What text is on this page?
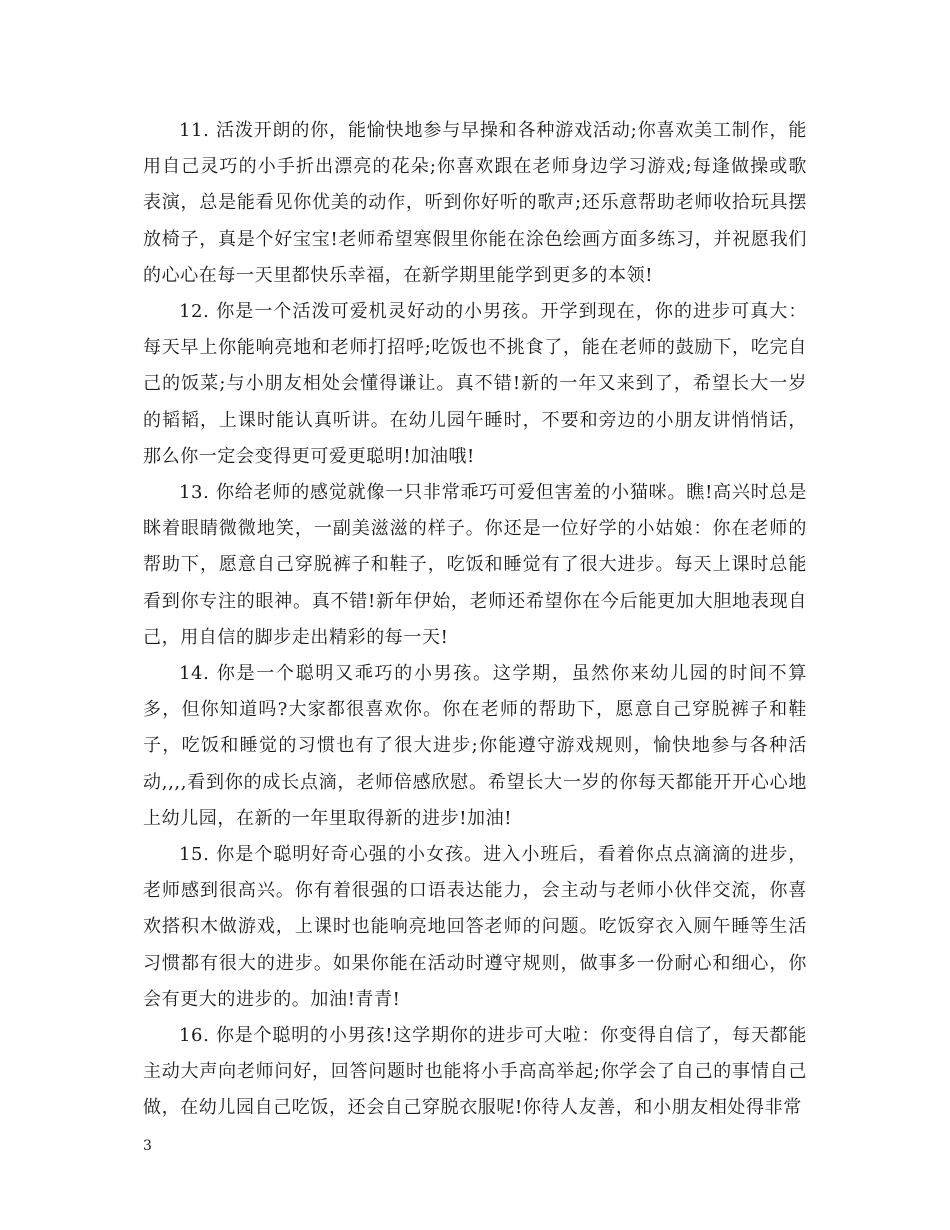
11. 活泼开朗的你，能愉快地参与早操和各种游戏活动;你喜欢美工制作，能用自己灵巧的小手折出漂亮的花朵;你喜欢跟在老师身边学习游戏;每逢做操或歌表演，总是能看见你优美的动作，听到你好听的歌声;还乐意帮助老师收拾玩具摆放椅子，真是个好宝宝!老师希望寒假里你能在涂色绘画方面多练习，并祝愿我们的心心在每一天里都快乐幸福，在新学期里能学到更多的本领!

12. 你是一个活泼可爱机灵好动的小男孩。开学到现在，你的进步可真大：每天早上你能响亮地和老师打招呼;吃饭也不挑食了，能在老师的鼓励下，吃完自己的饭菜;与小朋友相处会懂得谦让。真不错!新的一年又来到了，希望长大一岁的韬韬，上课时能认真听讲。在幼儿园午睡时，不要和旁边的小朋友讲悄悄话，那么你一定会变得更可爱更聪明!加油哦!

13. 你给老师的感觉就像一只非常乖巧可爱但害羞的小猫咪。瞧!高兴时总是眯着眼睛微微地笑，一副美滋滋的样子。你还是一位好学的小姑娘：你在老师的帮助下，愿意自己穿脱裤子和鞋子，吃饭和睡觉有了很大进步。每天上课时总能看到你专注的眼神。真不错!新年伊始，老师还希望你在今后能更加大胆地表现自己，用自信的脚步走出精彩的每一天!

14. 你是一个聪明又乖巧的小男孩。这学期，虽然你来幼儿园的时间不算多，但你知道吗?大家都很喜欢你。你在老师的帮助下，愿意自己穿脱裤子和鞋子，吃饭和睡觉的习惯也有了很大进步;你能遵守游戏规则，愉快地参与各种活动,,,,看到你的成长点滴，老师倍感欣慰。希望长大一岁的你每天都能开开心心地上幼儿园，在新的一年里取得新的进步!加油!

15. 你是个聪明好奇心强的小女孩。进入小班后，看着你点点滴滴的进步，老师感到很高兴。你有着很强的口语表达能力，会主动与老师小伙伴交流，你喜欢搭积木做游戏，上课时也能响亮地回答老师的问题。吃饭穿衣入厕午睡等生活习惯都有很大的进步。如果你能在活动时遵守规则，做事多一份耐心和细心，你会有更大的进步的。加油!青青!

16. 你是个聪明的小男孩!这学期你的进步可大啦：你变得自信了，每天都能主动大声向老师问好，回答问题时也能将小手高高举起;你学会了自己的事情自己做，在幼儿园自己吃饭，还会自己穿脱衣服呢!你待人友善，和小朋友相处得非常

3
